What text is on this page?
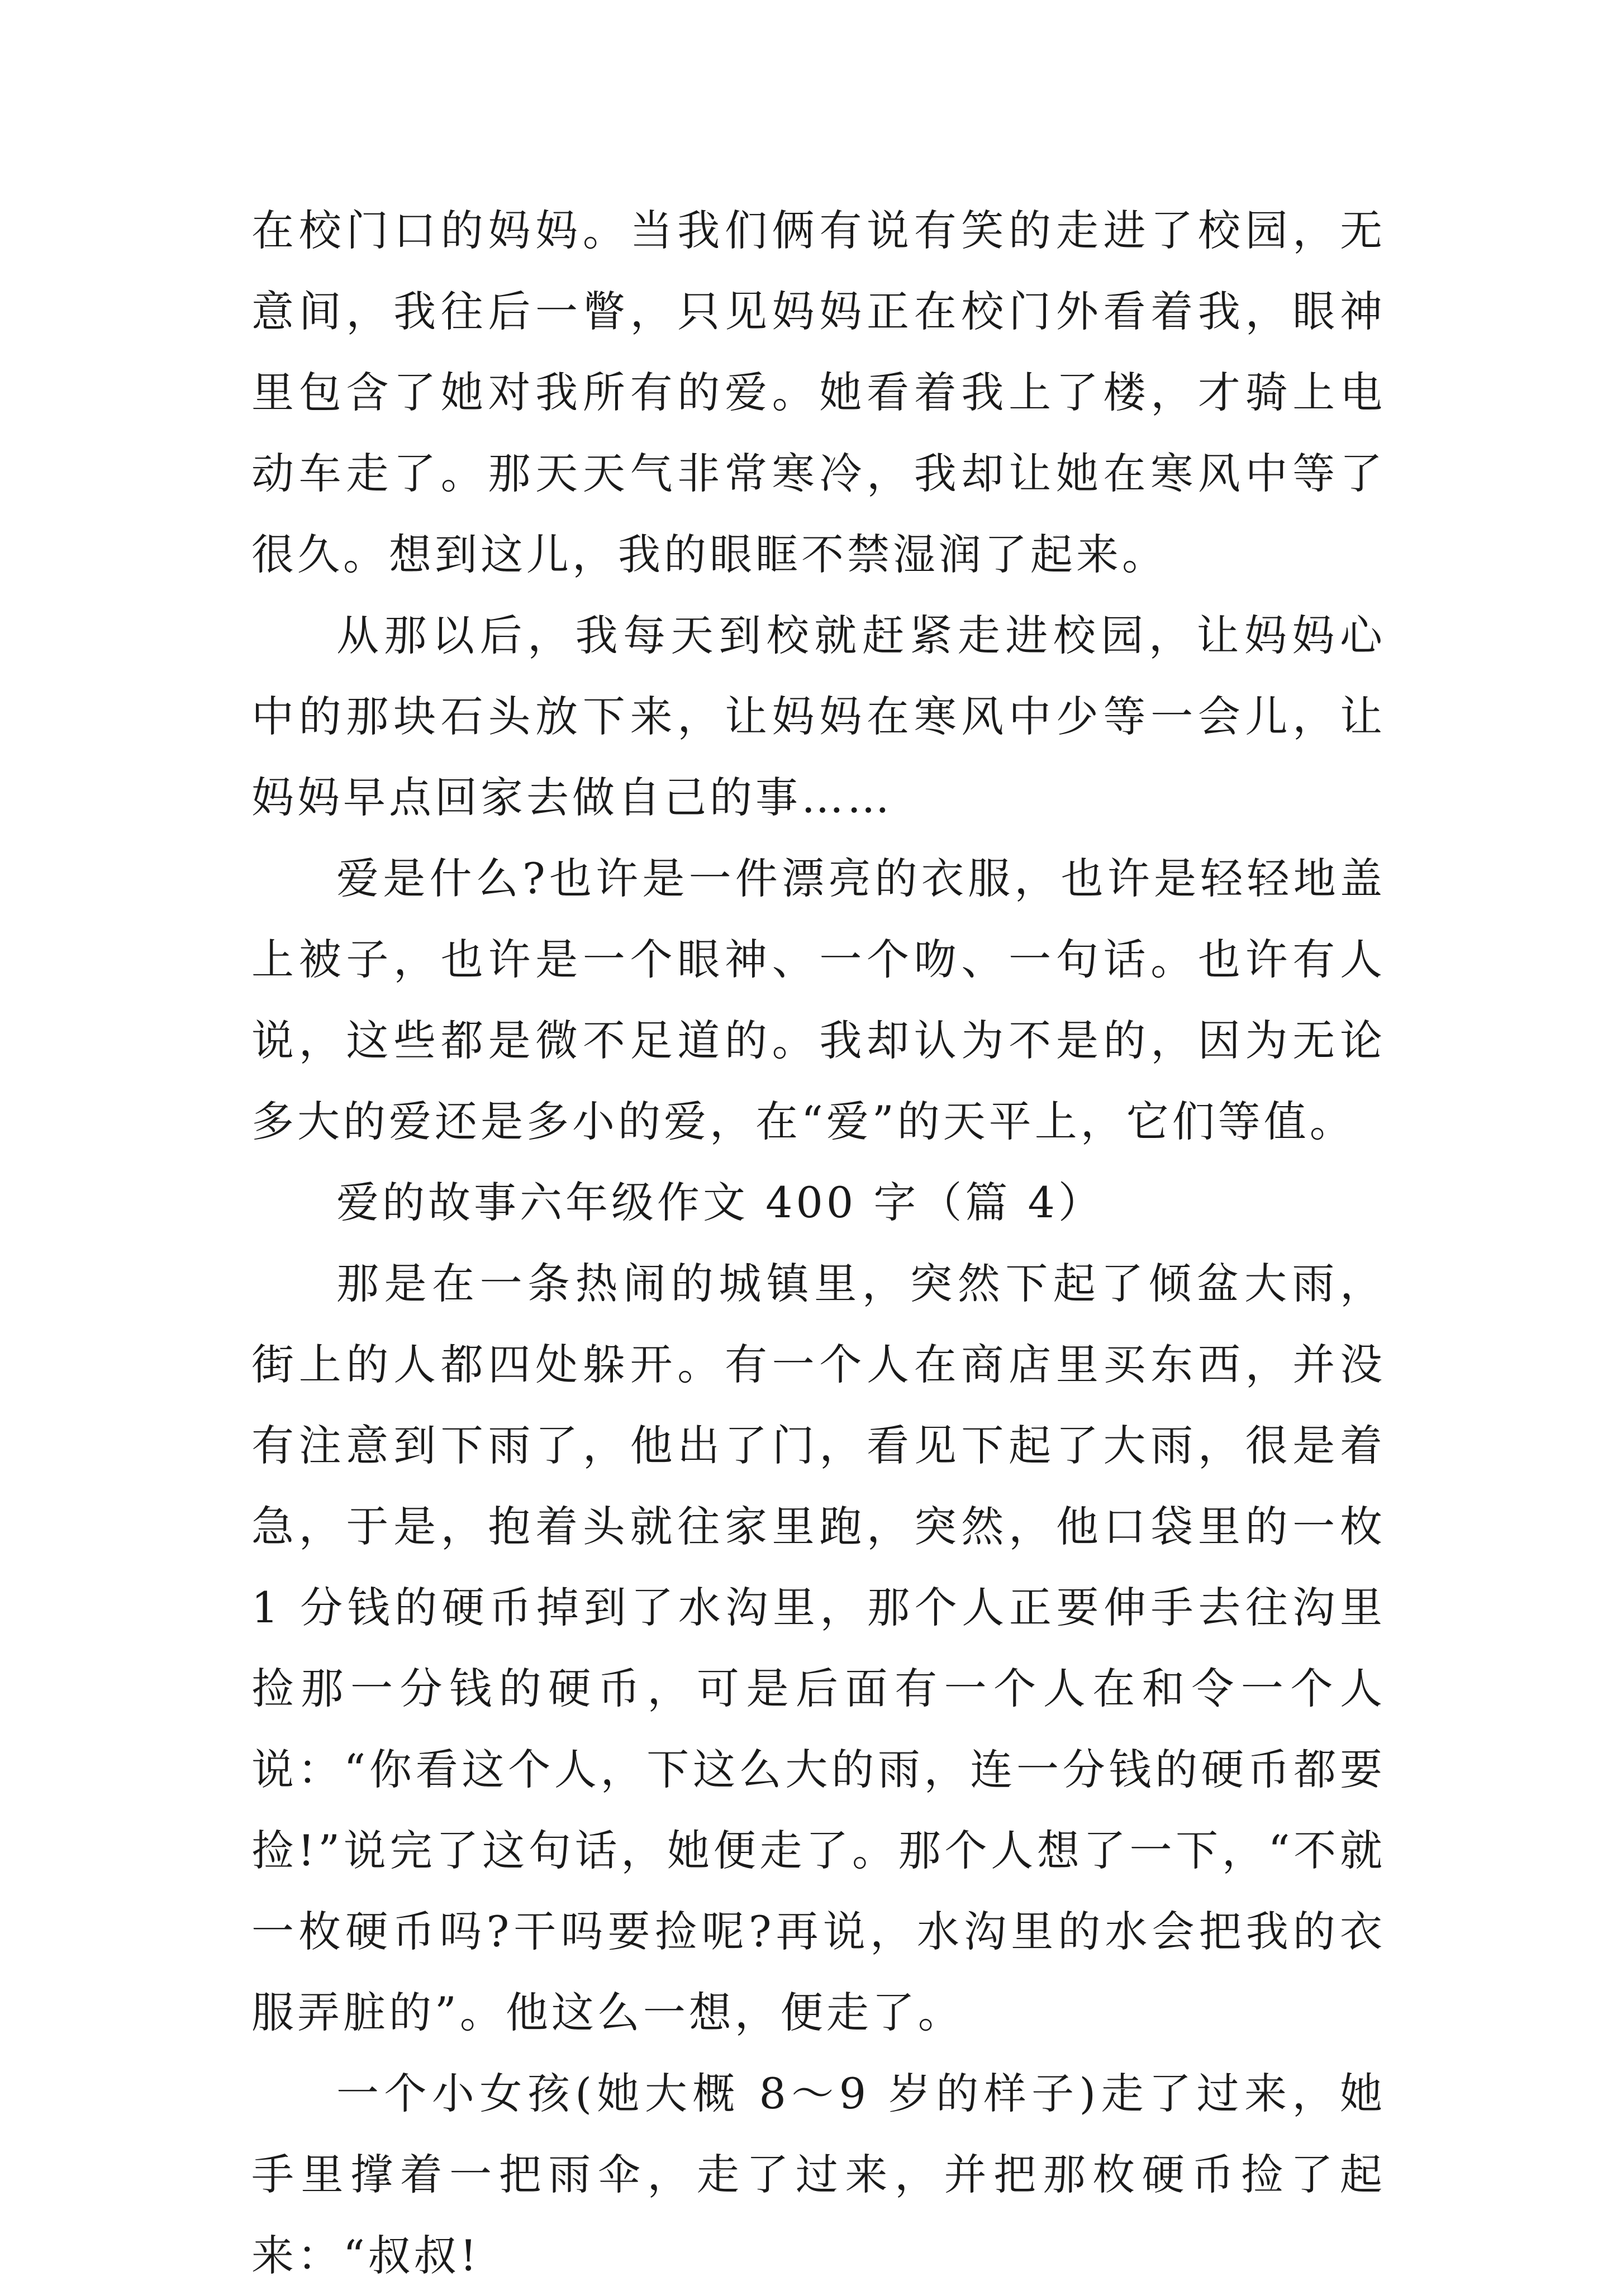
在校门口的妈妈。当我们俩有说有笑的走进了校园，无意间，我往后一瞥，只见妈妈正在校门外看着我，眼神里包含了她对我所有的爱。她看着我上了楼，才骑上电动车走了。那天天气非常寒冷，我却让她在寒风中等了很久。想到这儿，我的眼眶不禁湿润了起来。

从那以后，我每天到校就赶紧走进校园，让妈妈心中的那块石头放下来，让妈妈在寒风中少等一会儿，让妈妈早点回家去做自己的事……

爱是什么?也许是一件漂亮的衣服，也许是轻轻地盖上被子，也许是一个眼神、一个吻、一句话。也许有人说，这些都是微不足道的。我却认为不是的，因为无论多大的爱还是多小的爱，在“爱”的天平上，它们等值。

爱的故事六年级作文 400 字（篇 4）

那是在一条热闹的城镇里，突然下起了倾盆大雨，街上的人都四处躲开。有一个人在商店里买东西，并没有注意到下雨了，他出了门，看见下起了大雨，很是着急，于是，抱着头就往家里跑，突然，他口袋里的一枚 1 分钱的硬币掉到了水沟里，那个人正要伸手去往沟里捡那一分钱的硬币，可是后面有一个人在和令一个人说：“你看这个人，下这么大的雨，连一分钱的硬币都要捡!”说完了这句话，她便走了。那个人想了一下，“不就一枚硬币吗?干吗要捡呢?再说，水沟里的水会把我的衣服弄脏的”。他这么一想，便走了。

一个小女孩(她大概 8～9 岁的样子)走了过来，她手里撑着一把雨伞，走了过来，并把那枚硬币捡了起来：“叔叔!
